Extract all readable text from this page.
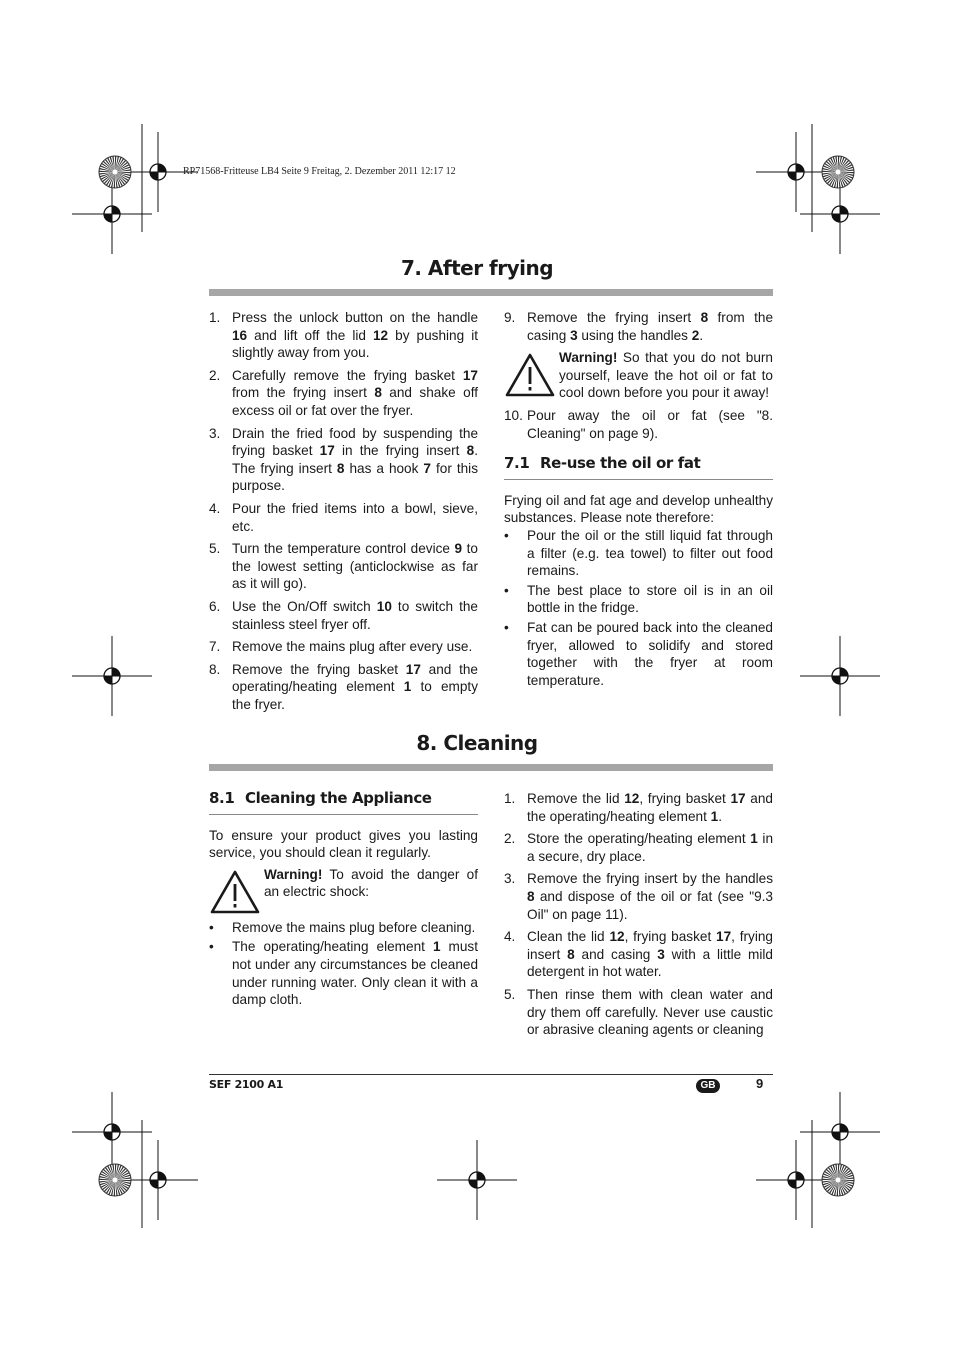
RP71568-Fritteuse LB4 Seite 9 Freitag, 2. Dezember 2011 12:17 12
7. After frying
1. Press the unlock button on the handle 16 and lift off the lid 12 by pushing it slightly away from you.
2. Carefully remove the frying basket 17 from the frying insert 8 and shake off excess oil or fat over the fryer.
3. Drain the fried food by suspending the frying basket 17 in the frying insert 8. The frying insert 8 has a hook 7 for this purpose.
4. Pour the fried items into a bowl, sieve, etc.
5. Turn the temperature control device 9 to the lowest setting (anticlockwise as far as it will go).
6. Use the On/Off switch 10 to switch the stainless steel fryer off.
7. Remove the mains plug after every use.
8. Remove the frying basket 17 and the operating/heating element 1 to empty the fryer.
9. Remove the frying insert 8 from the casing 3 using the handles 2.
Warning! So that you do not burn yourself, leave the hot oil or fat to cool down before you pour it away!
10. Pour away the oil or fat (see "8. Cleaning" on page 9).
7.1 Re-use the oil or fat

Frying oil and fat age and develop unhealthy substances. Please note therefore:

• Pour the oil or the still liquid fat through a filter (e.g. tea towel) to filter out food remains.
• The best place to store oil is in an oil bottle in the fridge.
• Fat can be poured back into the cleaned fryer, allowed to solidify and stored together with the fryer at room temperature.
8. Cleaning
8.1 Cleaning the Appliance

To ensure your product gives you lasting service, you should clean it regularly.

Warning! To avoid the danger of an electric shock:
• Remove the mains plug before cleaning.
• The operating/heating element 1 must not under any circumstances be cleaned under running water. Only clean it with a damp cloth.
1. Remove the lid 12, frying basket 17 and the operating/heating element 1.
2. Store the operating/heating element 1 in a secure, dry place.
3. Remove the frying insert by the handles 8 and dispose of the oil or fat (see "9.3 Oil" on page 11).
4. Clean the lid 12, frying basket 17, frying insert 8 and casing 3 with a little mild detergent in hot water.
5. Then rinse them with clean water and dry them off carefully. Never use caustic or abrasive cleaning agents or cleaning
SEF 2100 A1	GB	9
